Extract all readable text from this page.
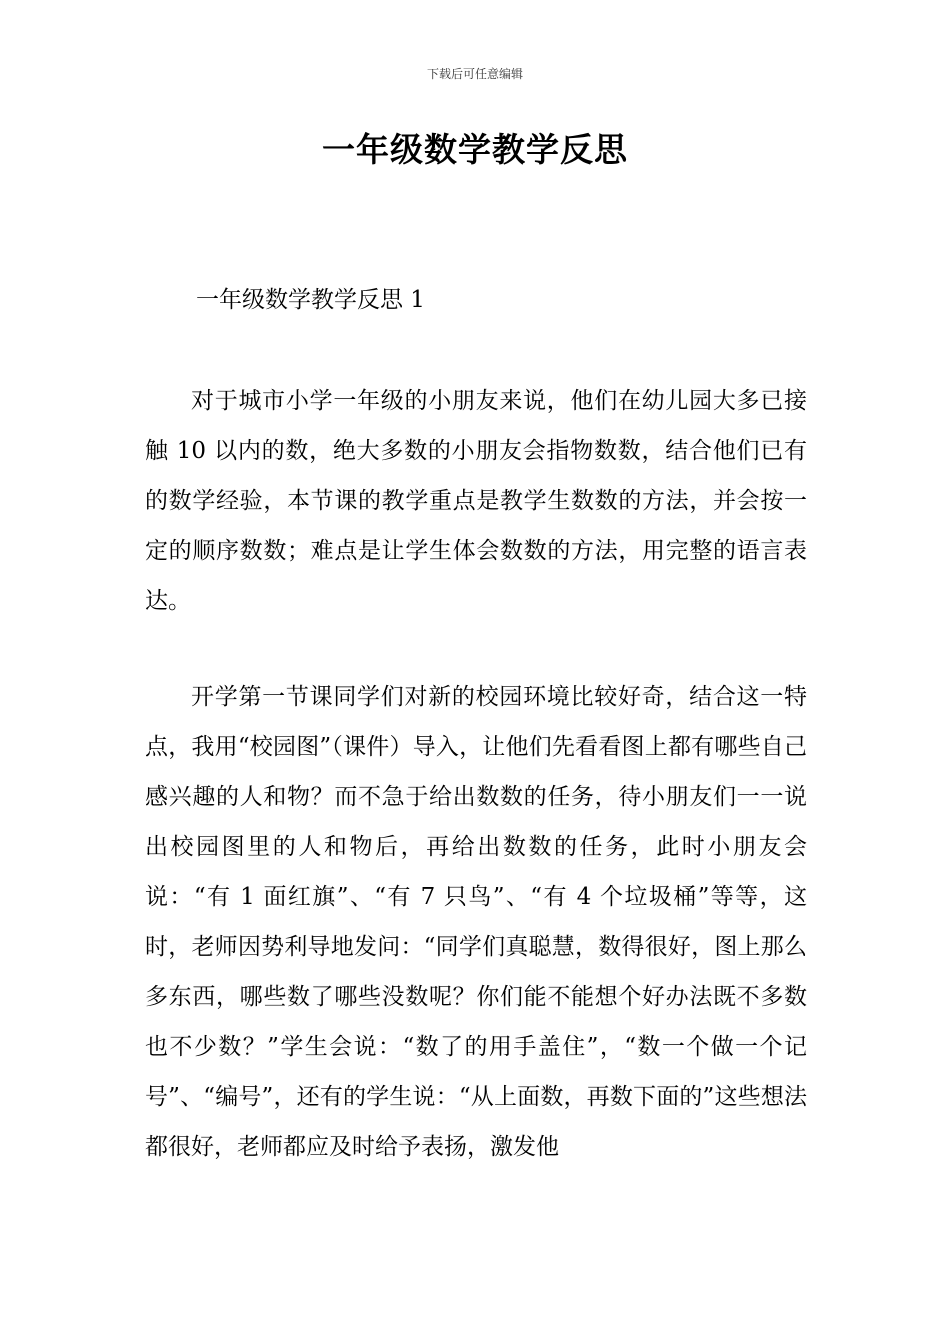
下载后可任意编辑
一年级数学教学反思
一年级数学教学反思 1

对于城市小学一年级的小朋友来说，他们在幼儿园大多已接触 10 以内的数，绝大多数的小朋友会指物数数，结合他们已有的数学经验，本节课的教学重点是教学生数数的方法，并会按一定的顺序数数；难点是让学生体会数数的方法，用完整的语言表达。

开学第一节课同学们对新的校园环境比较好奇，结合这一特点，我用“校园图”（课件）导入，让他们先看看图上都有哪些自己感兴趣的人和物？而不急于给出数数的任务，待小朋友们一一说出校园图里的人和物后，再给出数数的任务，此时小朋友会说：“有 1 面红旗”、“有 7 只鸟”、“有 4 个垃圾桶”等等，这时，老师因势利导地发问：“同学们真聪慧，数得很好，图上那么多东西，哪些数了哪些没数呢？你们能不能想个好办法既不多数也不少数？”学生会说：“数了的用手盖住”，“数一个做一个记号”、“编号”，还有的学生说：“从上面数，再数下面的”这些想法都很好，老师都应及时给予表扬，激发他
